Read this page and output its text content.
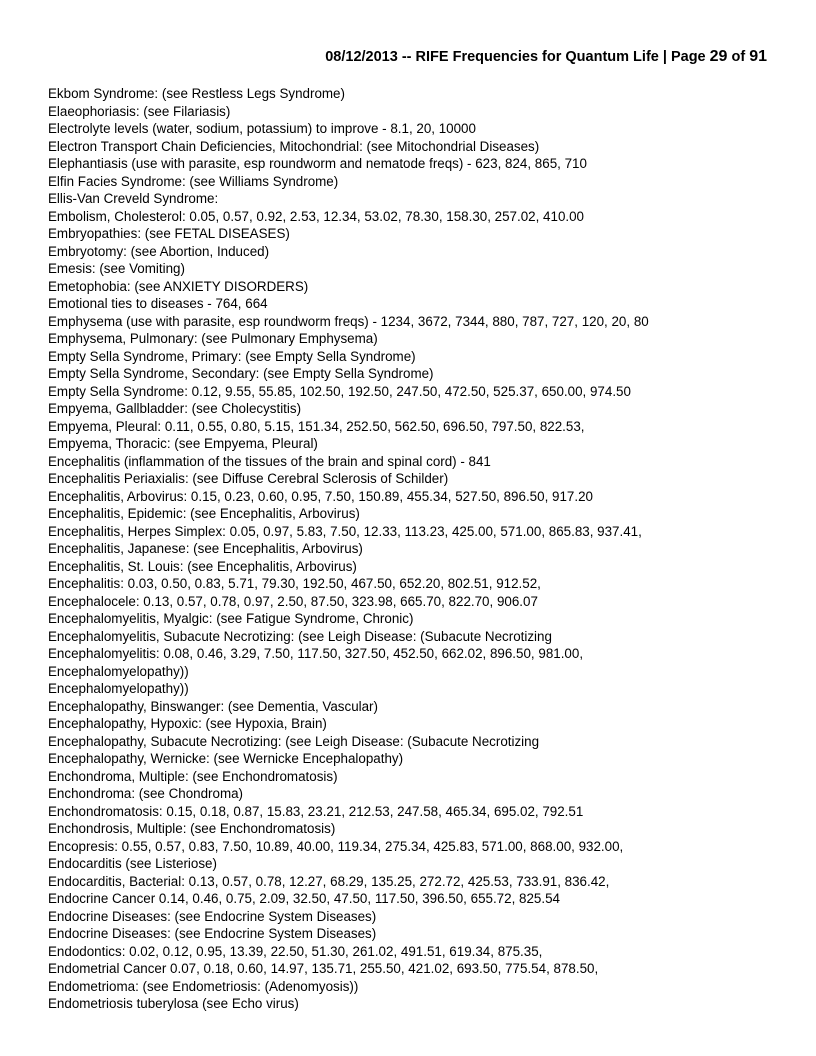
08/12/2013 -- RIFE Frequencies for Quantum Life | Page 29 of 91
Ekbom Syndrome: (see Restless Legs Syndrome)
Elaeophoriasis: (see Filariasis)
Electrolyte levels (water, sodium, potassium) to improve - 8.1, 20, 10000
Electron Transport Chain Deficiencies, Mitochondrial: (see Mitochondrial Diseases)
Elephantiasis (use with parasite, esp roundworm and nematode freqs) - 623, 824, 865, 710
Elfin Facies Syndrome: (see Williams Syndrome)
Ellis-Van Creveld Syndrome:
Embolism, Cholesterol: 0.05, 0.57, 0.92, 2.53, 12.34, 53.02, 78.30, 158.30, 257.02, 410.00
Embryopathies: (see FETAL DISEASES)
Embryotomy: (see Abortion, Induced)
Emesis: (see Vomiting)
Emetophobia: (see ANXIETY DISORDERS)
Emotional ties to diseases - 764, 664
Emphysema (use with parasite, esp roundworm freqs) - 1234, 3672, 7344, 880, 787, 727, 120, 20, 80
Emphysema, Pulmonary: (see Pulmonary Emphysema)
Empty Sella Syndrome, Primary: (see Empty Sella Syndrome)
Empty Sella Syndrome, Secondary: (see Empty Sella Syndrome)
Empty Sella Syndrome: 0.12, 9.55, 55.85, 102.50, 192.50, 247.50, 472.50, 525.37, 650.00, 974.50
Empyema, Gallbladder: (see Cholecystitis)
Empyema, Pleural: 0.11, 0.55, 0.80, 5.15, 151.34, 252.50, 562.50, 696.50, 797.50, 822.53,
Empyema, Thoracic: (see Empyema, Pleural)
Encephalitis (inflammation of the tissues of the brain and spinal cord) - 841
Encephalitis Periaxialis: (see Diffuse Cerebral Sclerosis of Schilder)
Encephalitis, Arbovirus: 0.15, 0.23, 0.60, 0.95, 7.50, 150.89, 455.34, 527.50, 896.50, 917.20
Encephalitis, Epidemic: (see Encephalitis, Arbovirus)
Encephalitis, Herpes Simplex: 0.05, 0.97, 5.83, 7.50, 12.33, 113.23, 425.00, 571.00, 865.83, 937.41,
Encephalitis, Japanese: (see Encephalitis, Arbovirus)
Encephalitis, St. Louis: (see Encephalitis, Arbovirus)
Encephalitis: 0.03, 0.50, 0.83, 5.71, 79.30, 192.50, 467.50, 652.20, 802.51, 912.52,
Encephalocele: 0.13, 0.57, 0.78, 0.97, 2.50, 87.50, 323.98, 665.70, 822.70, 906.07
Encephalomyelitis, Myalgic: (see Fatigue Syndrome, Chronic)
Encephalomyelitis, Subacute Necrotizing: (see Leigh Disease: (Subacute Necrotizing
Encephalomyelitis: 0.08, 0.46, 3.29, 7.50, 117.50, 327.50, 452.50, 662.02, 896.50, 981.00,
Encephalomyelopathy))
Encephalomyelopathy))
Encephalopathy, Binswanger: (see Dementia, Vascular)
Encephalopathy, Hypoxic: (see Hypoxia, Brain)
Encephalopathy, Subacute Necrotizing: (see Leigh Disease: (Subacute Necrotizing
Encephalopathy, Wernicke: (see Wernicke Encephalopathy)
Enchondroma, Multiple: (see Enchondromatosis)
Enchondroma: (see Chondroma)
Enchondromatosis: 0.15, 0.18, 0.87, 15.83, 23.21, 212.53, 247.58, 465.34, 695.02, 792.51
Enchondrosis, Multiple: (see Enchondromatosis)
Encopresis: 0.55, 0.57, 0.83, 7.50, 10.89, 40.00, 119.34, 275.34, 425.83, 571.00, 868.00, 932.00,
Endocarditis (see Listeriose)
Endocarditis, Bacterial: 0.13, 0.57, 0.78, 12.27, 68.29, 135.25, 272.72, 425.53, 733.91, 836.42,
Endocrine Cancer 0.14, 0.46, 0.75, 2.09, 32.50, 47.50, 117.50, 396.50, 655.72, 825.54
Endocrine Diseases: (see Endocrine System Diseases)
Endocrine Diseases: (see Endocrine System Diseases)
Endodontics: 0.02, 0.12, 0.95, 13.39, 22.50, 51.30, 261.02, 491.51, 619.34, 875.35,
Endometrial Cancer 0.07, 0.18, 0.60, 14.97, 135.71, 255.50, 421.02, 693.50, 775.54, 878.50,
Endometrioma: (see Endometriosis: (Adenomyosis))
Endometriosis tuberylosa (see Echo virus)
